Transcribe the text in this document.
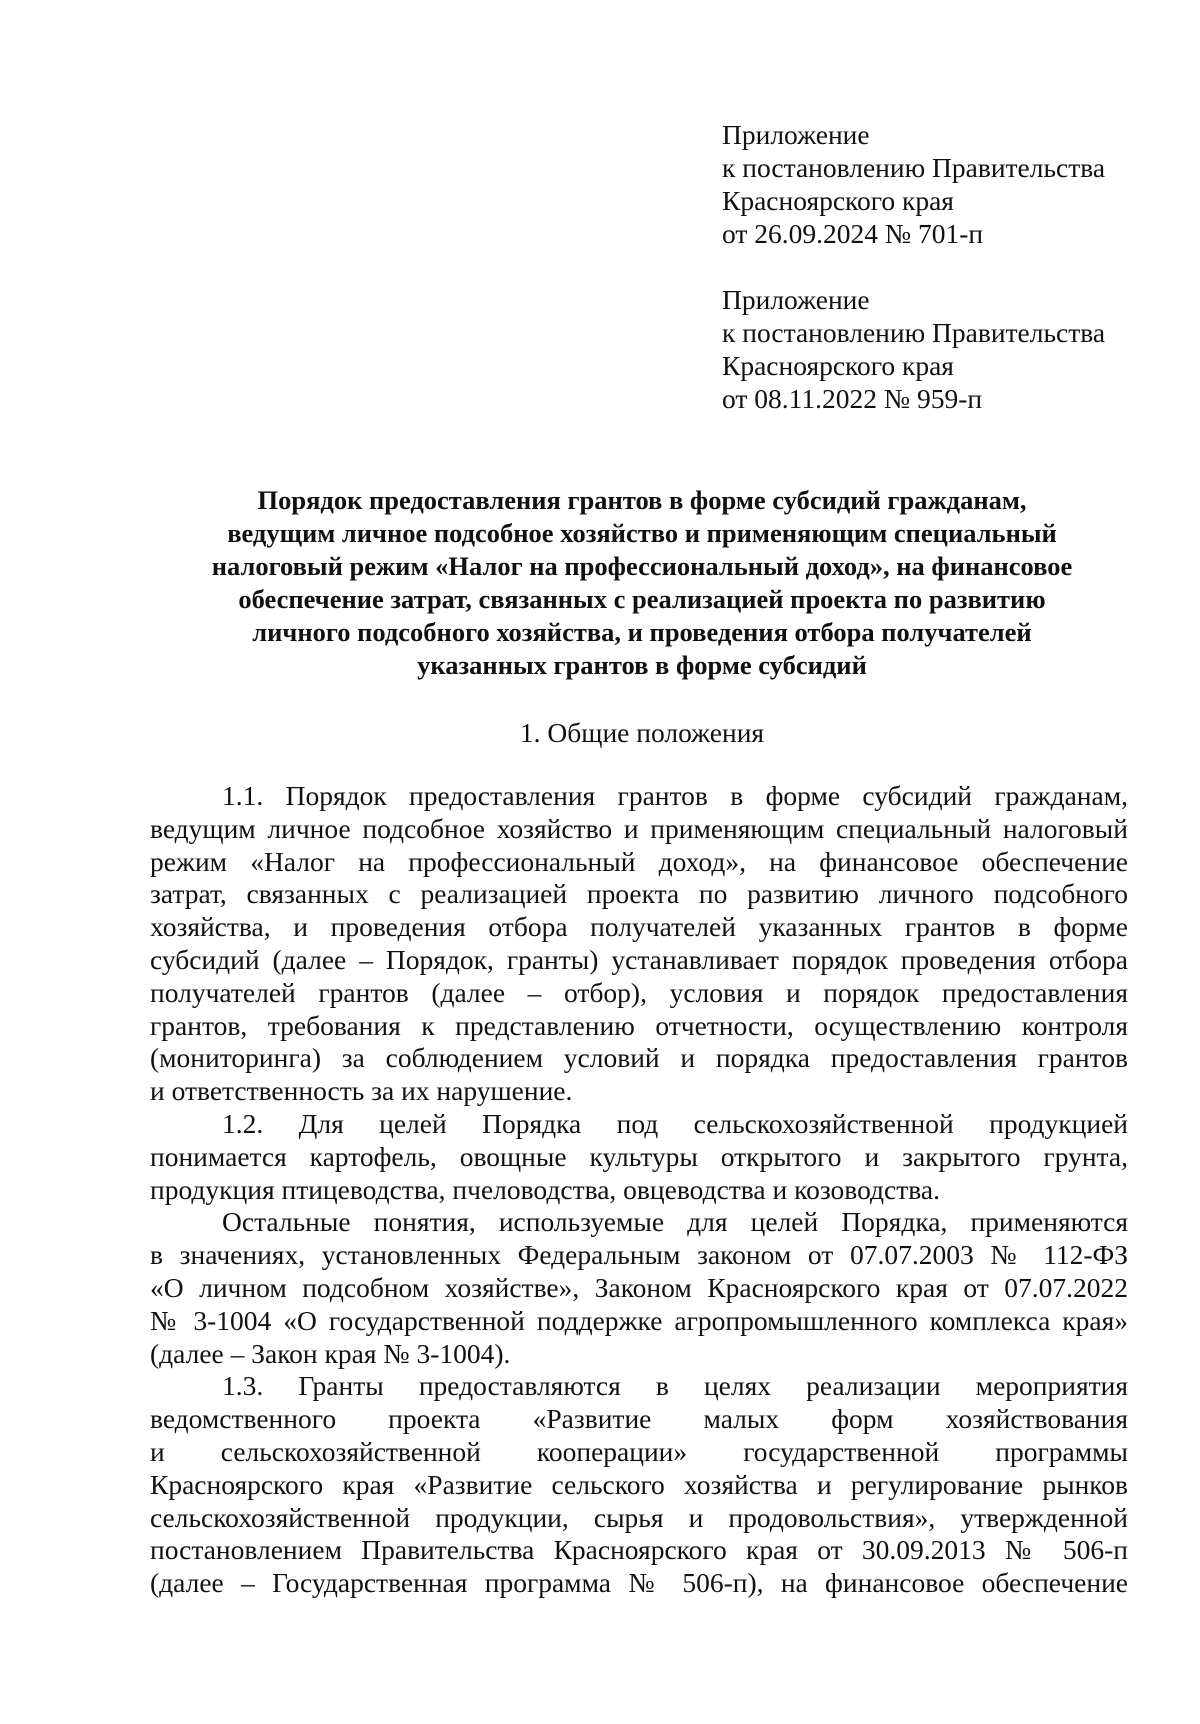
Приложение
к постановлению Правительства
Красноярского края
от 26.09.2024 № 701-п
Приложение
к постановлению Правительства
Красноярского края
от 08.11.2022 № 959-п
Порядок предоставления грантов в форме субсидий гражданам,
ведущим личное подсобное хозяйство и применяющим специальный
налоговый режим «Налог на профессиональный доход», на финансовое
обеспечение затрат, связанных с реализацией проекта по развитию
личного подсобного хозяйства, и проведения отбора получателей
указанных грантов в форме субсидий
1. Общие положения
1.1. Порядок предоставления грантов в форме субсидий гражданам,
ведущим личное подсобное хозяйство и применяющим специальный налоговый
режим «Налог на профессиональный доход», на финансовое обеспечение
затрат, связанных с реализацией проекта по развитию личного подсобного
хозяйства, и проведения отбора получателей указанных грантов в форме
субсидий (далее – Порядок, гранты) устанавливает порядок проведения отбора
получателей грантов (далее – отбор), условия и порядок предоставления
грантов, требования к представлению отчетности, осуществлению контроля
(мониторинга) за соблюдением условий и порядка предоставления грантов
и ответственность за их нарушение.
1.2. Для целей Порядка под сельскохозяйственной продукцией
понимается картофель, овощные культуры открытого и закрытого грунта,
продукция птицеводства, пчеловодства, овцеводства и козоводства.
Остальные понятия, используемые для целей Порядка, применяются
в значениях, установленных Федеральным законом от 07.07.2003 № 112-ФЗ
«О личном подсобном хозяйстве», Законом Красноярского края от 07.07.2022
№ 3-1004 «О государственной поддержке агропромышленного комплекса края»
(далее – Закон края № 3-1004).
1.3. Гранты предоставляются в целях реализации мероприятия
ведомственного проекта «Развитие малых форм хозяйствования
и сельскохозяйственной кооперации» государственной программы
Красноярского края «Развитие сельского хозяйства и регулирование рынков
сельскохозяйственной продукции, сырья и продовольствия», утвержденной
постановлением Правительства Красноярского края от 30.09.2013 № 506-п
(далее – Государственная программа № 506-п), на финансовое обеспечение
